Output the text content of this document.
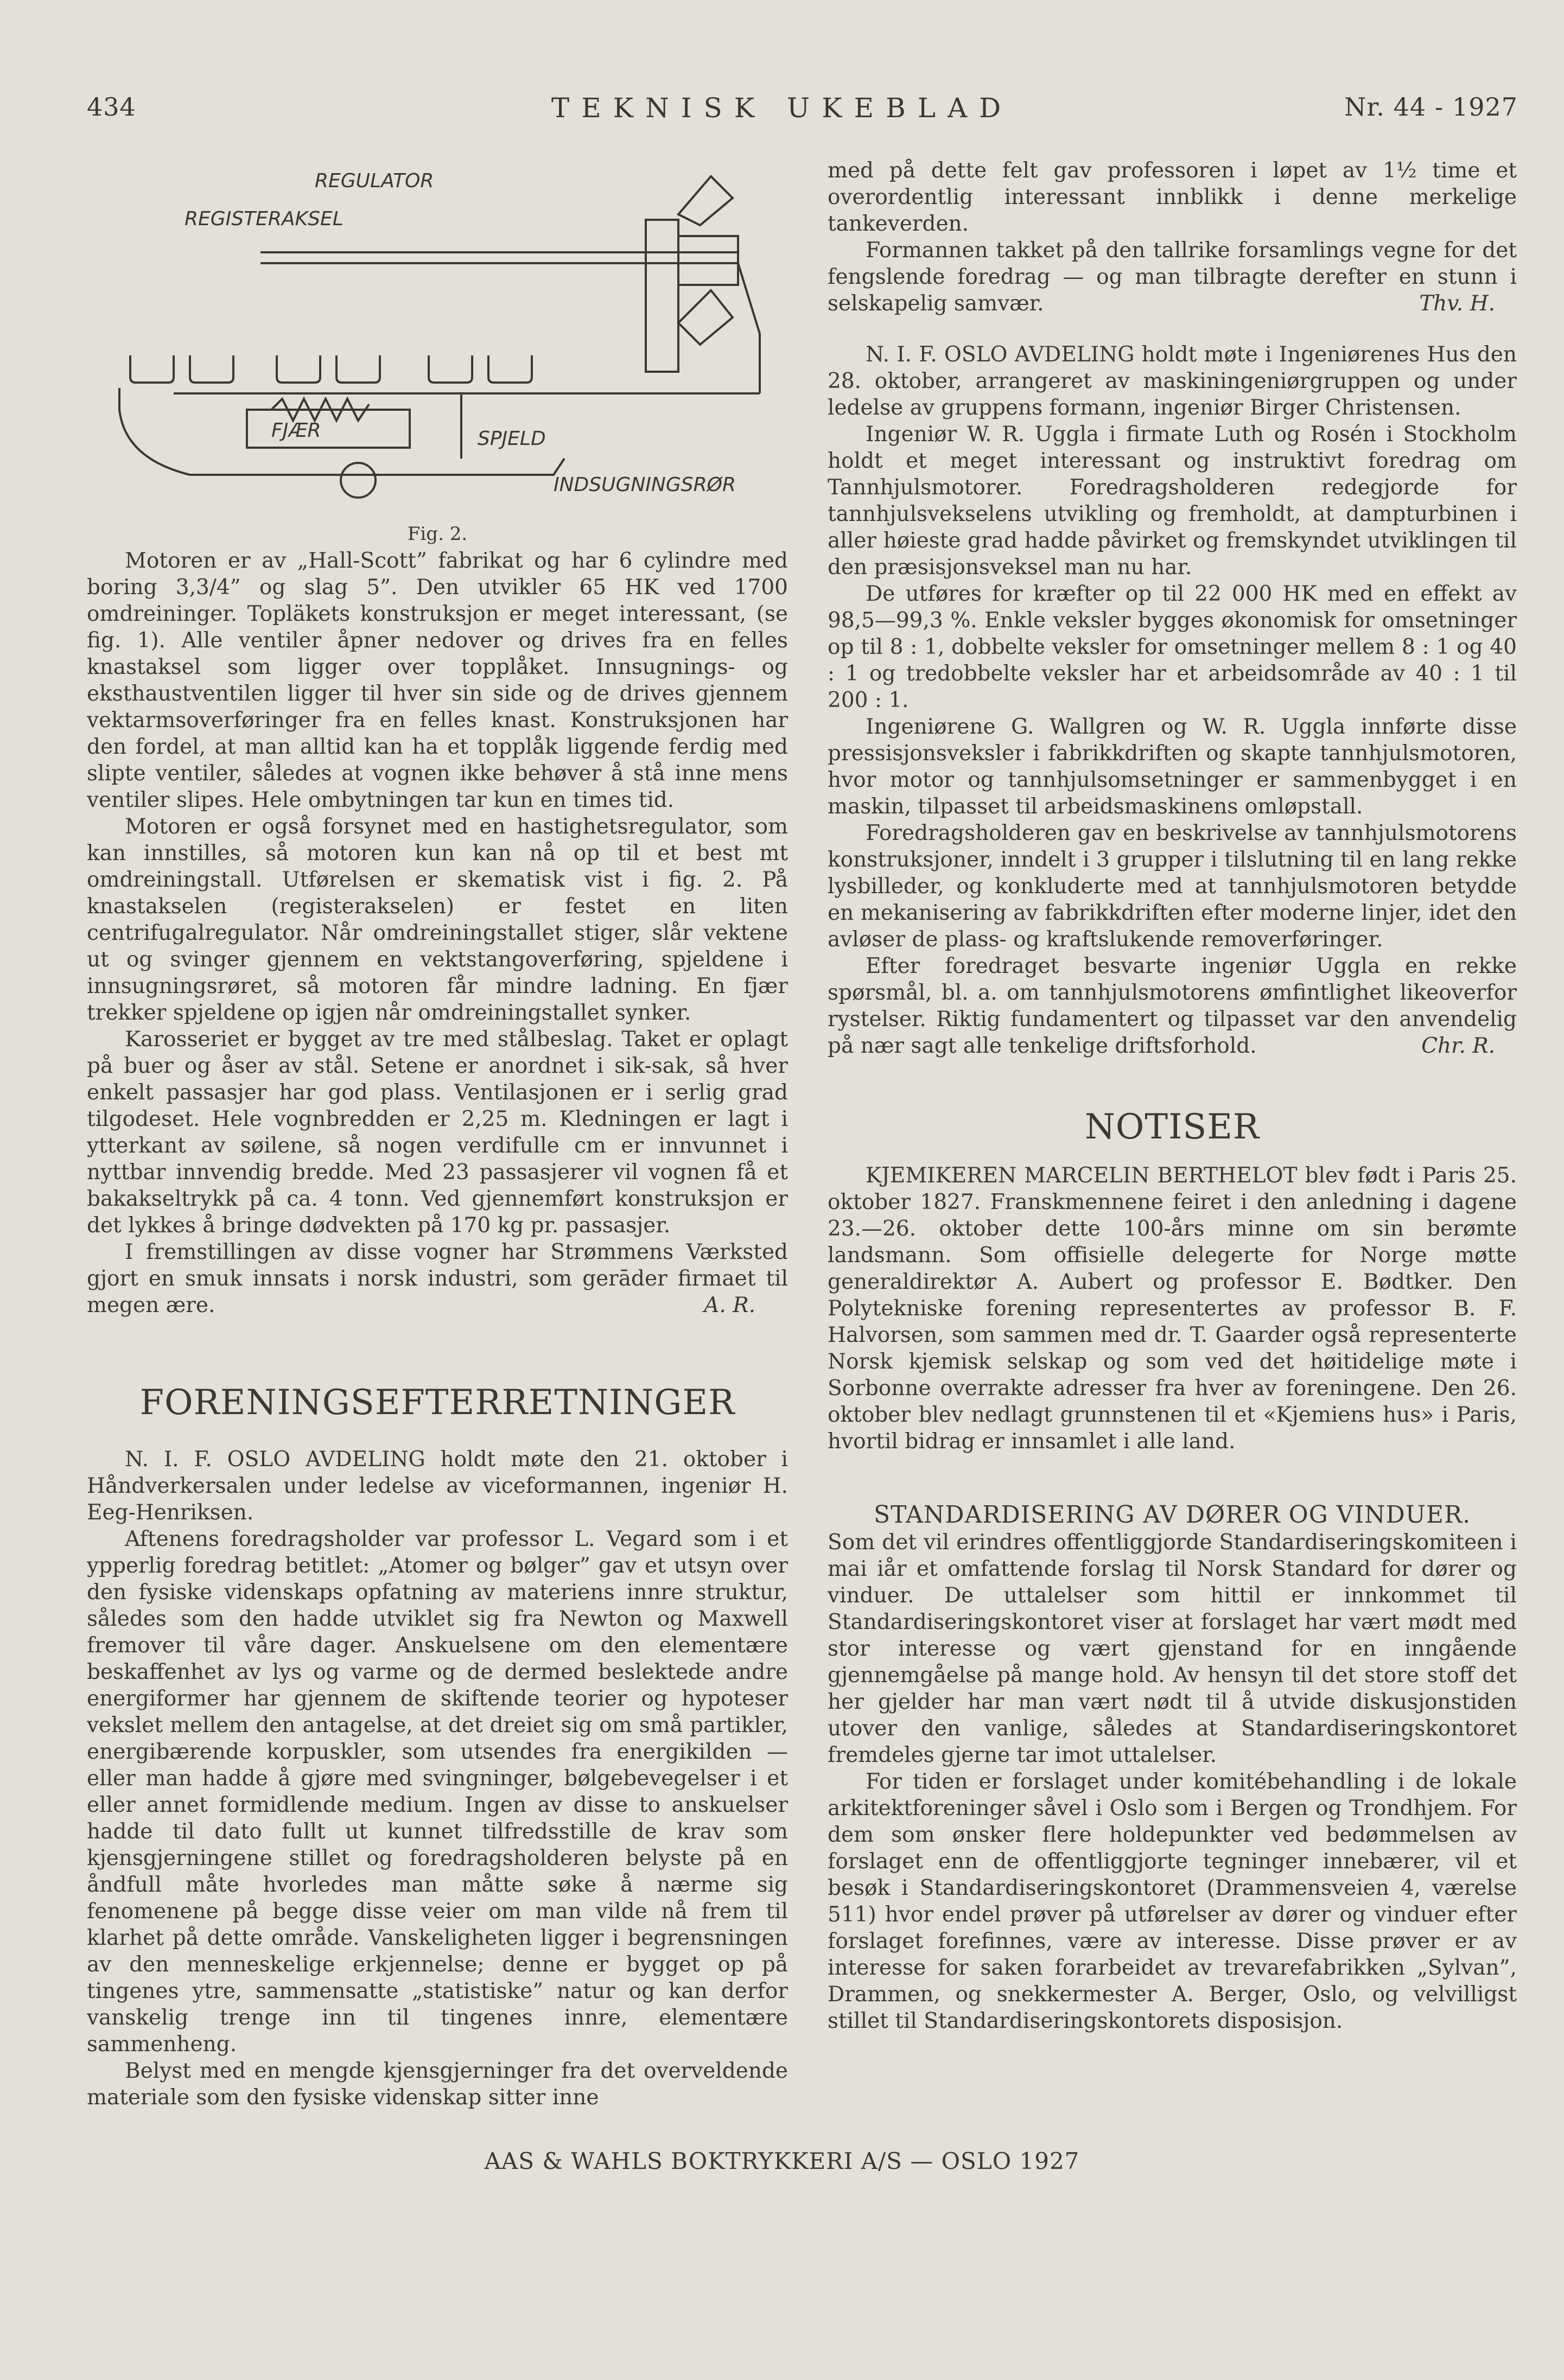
434	TEKNISK UKEBLAD	Nr. 44 - 1927
REGULATOR
REGISTERAKSEL
FJÆR	SPJELD
INDSUGNINGSRØR

Fig. 2.

Motoren er av „Hall-Scott” fabrikat og har 6 cylindre med boring 3,3/4” og slag 5”. Den utvikler 65 HK ved 1700 omdreininger. Topläkets konstruksjon er meget interessant, (se fig. 1). Alle ventiler åpner nedover og drives fra en felles knastaksel som ligger over topplåket. Innsugnings- og eksthaustventilen ligger til hver sin side og de drives gjennem vektarmsoverføringer fra en felles knast. Konstruksjonen har den fordel, at man alltid kan ha et topplåk liggende ferdig med slipte ventiler, således at vognen ikke behøver å stå inne mens ventiler slipes. Hele ombytningen tar kun en times tid.

Motoren er også forsynet med en hastighetsregulator, som kan innstilles, så motoren kun kan nå op til et best mt omdreiningstall. Utførelsen er skematisk vist i fig. 2. På knastakselen (registerakselen) er festet en liten centrifugalregulator. Når omdreiningstallet stiger, slår vektene ut og svinger gjennem en vektstangoverføring, spjeldene i innsugningsrøret, så motoren får mindre ladning. En fjær trekker spjeldene op igjen når omdreiningstallet synker.

Karosseriet er bygget av tre med stålbeslag. Taket er oplagt på buer og åser av stål. Setene er anordnet i sik-sak, så hver enkelt passasjer har god plass. Ventilasjonen er i serlig grad tilgodeset. Hele vognbredden er 2,25 m. Kledningen er lagt i ytterkant av søilene, så nogen verdifulle cm er innvunnet i nyttbar innvendig bredde. Med 23 passasjerer vil vognen få et bakakseltrykk på ca. 4 tonn. Ved gjennemført konstruksjon er det lykkes å bringe dødvekten på 170 kg pr. passasjer.

I fremstillingen av disse vogner har Strømmens Værksted gjort en smuk innsats i norsk industri, som gerāder firmaet til megen ære.	A. R.

FORENINGSEFTERRETNINGER

N. I. F. OSLO AVDELING holdt møte den 21. oktober i Håndverkersalen under ledelse av viceformannen, ingeniør H. Eeg-Henriksen.

Aftenens foredragsholder var professor L. Vegard som i et ypperlig foredrag betitlet: „Atomer og bølger” gav et utsyn over den fysiske videnskaps opfatning av materiens innre struktur, således som den hadde utviklet sig fra Newton og Maxwell fremover til våre dager. Anskuelsene om den elementære beskaffenhet av lys og varme og de dermed beslektede andre energiformer har gjennem de skiftende teorier og hypoteser vekslet mellem den antagelse, at det dreiet sig om små partikler, energibærende korpuskler, som utsendes fra energikilden — eller man hadde å gjøre med svingninger, bølgebevegelser i et eller annet formidlende medium. Ingen av disse to anskuelser hadde til dato fullt ut kunnet tilfredsstille de krav som kjensgjerningene stillet og foredragsholderen belyste på en åndfull måte hvorledes man måtte søke å nærme sig fenomenene på begge disse veier om man vilde nå frem til klarhet på dette område. Vanskeligheten ligger i begrensningen av den menneskelige erkjennelse; denne er bygget op på tingenes ytre, sammensatte „statistiske” natur og kan derfor vanskelig trenge inn til tingenes innre, elementære sammenheng.

Belyst med en mengde kjensgjerninger fra det overveldende materiale som den fysiske videnskap sitter inne

med på dette felt gav professoren i løpet av 1½ time et overordentlig interessant innblikk i denne merkelige tankeverden.

Formannen takket på den tallrike forsamlings vegne for det fengslende foredrag — og man tilbragte derefter en stunn i selskapelig samvær.	Thv. H.

N. I. F. OSLO AVDELING holdt møte i Ingeniørenes Hus den 28. oktober, arrangeret av maskiningeniørgruppen og under ledelse av gruppens formann, ingeniør Birger Christensen.

Ingeniør W. R. Uggla i firmate Luth og Rosén i Stockholm holdt et meget interessant og instruktivt foredrag om Tannhjulsmotorer. Foredragsholderen redegjorde for tannhjulsvekselens utvikling og fremholdt, at dampturbinen i aller høieste grad hadde påvirket og fremskyndet utviklingen til den præsisjonsveksel man nu har.

De utføres for kræfter op til 22 000 HK med en effekt av 98,5—99,3 %. Enkle veksler bygges økonomisk for omsetninger op til 8 : 1, dobbelte veksler for omsetninger mellem 8 : 1 og 40 : 1 og tredobbelte veksler har et arbeidsområde av 40 : 1 til 200 : 1.

Ingeniørene G. Wallgren og W. R. Uggla innførte disse pressisjonsveksler i fabrikkdriften og skapte tannhjulsmotoren, hvor motor og tannhjulsomsetninger er sammenbygget i en maskin, tilpasset til arbeidsmaskinens omløpstall.

Foredragsholderen gav en beskrivelse av tannhjulsmotorens konstruksjoner, inndelt i 3 grupper i tilslutning til en lang rekke lysbilleder, og konkluderte med at tannhjulsmotoren betydde en mekanisering av fabrikkdriften efter moderne linjer, idet den avløser de plass- og kraftslukende removerføringer.

Efter foredraget besvarte ingeniør Uggla en rekke spørsmål, bl. a. om tannhjulsmotorens ømfintlighet likeoverfor rystelser. Riktig fundamentert og tilpasset var den anvendelig på nær sagt alle tenkelige driftsforhold.	Chr. R.

NOTISER

KJEMIKEREN MARCELIN BERTHELOT blev født i Paris 25. oktober 1827. Franskmennene feiret i den anledning i dagene 23.—26. oktober dette 100-års minne om sin berømte landsmann. Som offisielle delegerte for Norge møtte generaldirektør A. Aubert og professor E. Bødtker. Den Polytekniske forening representertes av professor B. F. Halvorsen, som sammen med dr. T. Gaarder også representerte Norsk kjemisk selskap og som ved det høitidelige møte i Sorbonne overrakte adresser fra hver av foreningene. Den 26. oktober blev nedlagt grunnstenen til et «Kjemiens hus» i Paris, hvortil bidrag er innsamlet i alle land.

STANDARDISERING AV DØRER OG VINDUER.

Som det vil erindres offentliggjorde Standardiseringskomiteen i mai iår et omfattende forslag til Norsk Standard for dører og vinduer. De uttalelser som hittil er innkommet til Standardiseringskontoret viser at forslaget har vært mødt med stor interesse og vært gjenstand for en inngående gjennemgåelse på mange hold. Av hensyn til det store stoff det her gjelder har man vært nødt til å utvide diskusjonstiden utover den vanlige, således at Standardiseringskontoret fremdeles gjerne tar imot uttalelser.

For tiden er forslaget under komitébehandling i de lokale arkitektforeninger såvel i Oslo som i Bergen og Trondhjem. For dem som ønsker flere holdepunkter ved bedømmelsen av forslaget enn de offentliggjorte tegninger innebærer, vil et besøk i Standardiseringskontoret (Drammensveien 4, værelse 511) hvor endel prøver på utførelser av dører og vinduer efter forslaget forefinnes, være av interesse. Disse prøver er av interesse for saken forarbeidet av trevarefabrikken „Sylvan”, Drammen, og snekkermester A. Berger, Oslo, og velvilligst stillet til Standardiseringskontorets disposisjon.

AAS & WAHLS BOKTRYKKERI A/S — OSLO 1927
